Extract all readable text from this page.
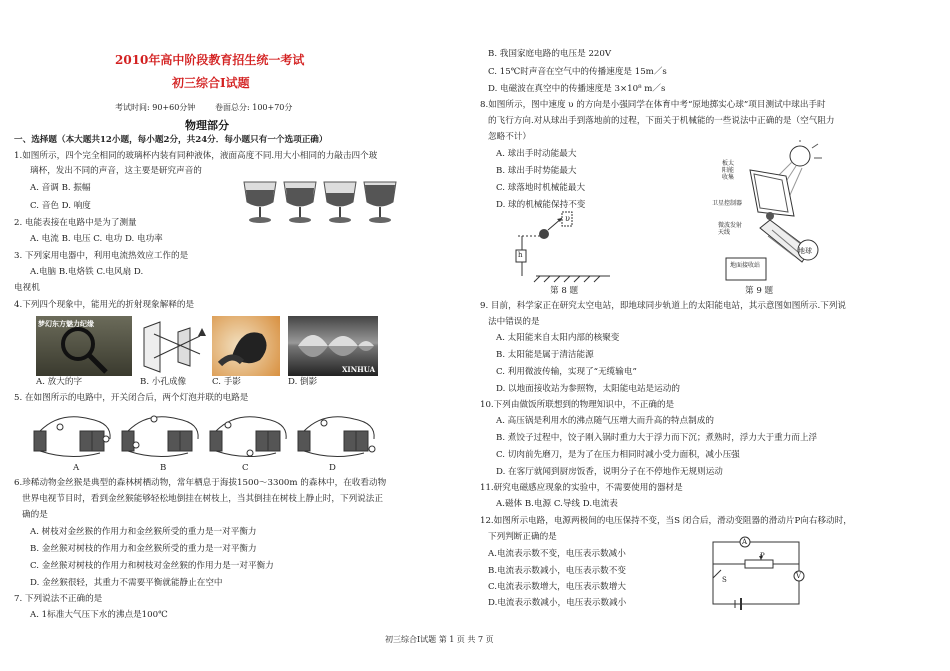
2010年高中阶段教育招生统一考试
初三综合Ⅰ试题
考试时间: 90+60分钟 卷面总分: 100+70分
物理部分
一、选择题（本大题共12小题，每小题2分，共24分．每小题只有一个选项正确）
1.如图所示，四个完全相同的玻璃杯内装有同种液体，液面高度不同.用大小相同的力敲击四个玻
璃杯，发出不同的声音，这主要是研究声音的
A. 音调 B. 振幅
C. 音色 D. 响度
2. 电能表接在电路中是为了测量
A. 电流 B. 电压 C. 电功 D. 电功率
3. 下列家用电器中，利用电流热效应工作的是
A.电脑 B.电烙铁 C.电风扇 D.
电视机
4.下列四个现象中，能用光的折射现象解释的是
梦幻东方魅力纪缘
XINHUA
A. 放大的字	B. 小孔成像	C. 手影	D. 倒影
5. 在如图所示的电路中，开关闭合后，两个灯泡并联的电路是
A	B	C	D
6.珍稀动物金丝猴是典型的森林树栖动物，常年栖息于海拔1500～3300m 的森林中，在收看动物
世界电视节目时，看到金丝猴能够轻松地倒挂在树枝上，当其倒挂在树枝上静止时，下列说法正
确的是
A. 树枝对金丝猴的作用力和金丝猴所受的重力是一对平衡力
B. 金丝猴对树枝的作用力和金丝猴所受的重力是一对平衡力
C. 金丝猴对树枝的作用力和树枝对金丝猴的作用力是一对平衡力
D. 金丝猴很轻，其重力不需要平衡就能静止在空中
7. 下列说法不正确的是
A. 1标准大气压下水的沸点是100℃
B. 我国家庭电路的电压是 220V
C. 15℃时声音在空气中的传播速度是 15m／s
D. 电磁波在真空中的传播速度是 3×10⁸ m／s
8.如图所示，图中速度 υ 的方向是小强同学在体育中考“原地掷实心球”项目测试中球出手时
的飞行方向.对从球出手到落地前的过程，下面关于机械能的一些说法中正确的是（空气阻力
忽略不计）
A. 球出手时动能最大
B. 球出手时势能最大
C. 球落地时机械能最大
D. 球的机械能保持不变
h
υ
第 8 题
板太阳能收集
卫星控制器
微波发射天线
地球
地面接收站
第 9 题
9. 目前，科学家正在研究太空电站，即地球同步轨道上的太阳能电站，其示意图如图所示.下列说
法中错误的是
A. 太阳能来自太阳内部的核聚变
B. 太阳能是属于清洁能源
C. 利用微波传输，实现了“无缆输电”
D. 以地面接收站为参照物，太阳能电站是运动的
10.下列由做饭所联想到的物理知识中，不正确的是
A. 高压锅是利用水的沸点随气压增大而升高的特点制成的
B. 煮饺子过程中，饺子刚入锅时重力大于浮力而下沉；煮熟时，浮力大于重力而上浮
C. 切肉前先磨刀，是为了在压力相同时减小受力面积，减小压强
D. 在客厅就闻到厨房饭香，说明分子在不停地作无规则运动
11.研究电磁感应现象的实验中，不需要使用的器材是
A.磁体 B.电源 C.导线 D.电流表
12.如图所示电路，电源两极间的电压保持不变，当S 闭合后，滑动变阻器的滑动片P向右移动时，
下列判断正确的是
A.电流表示数不变，电压表示数减小
B.电流表示数减小，电压表示数不变
C.电流表示数增大，电压表示数增大
D.电流表示数减小，电压表示数减小
A
P
V
S
初三综合Ⅰ试题 第 1 页 共 7 页
